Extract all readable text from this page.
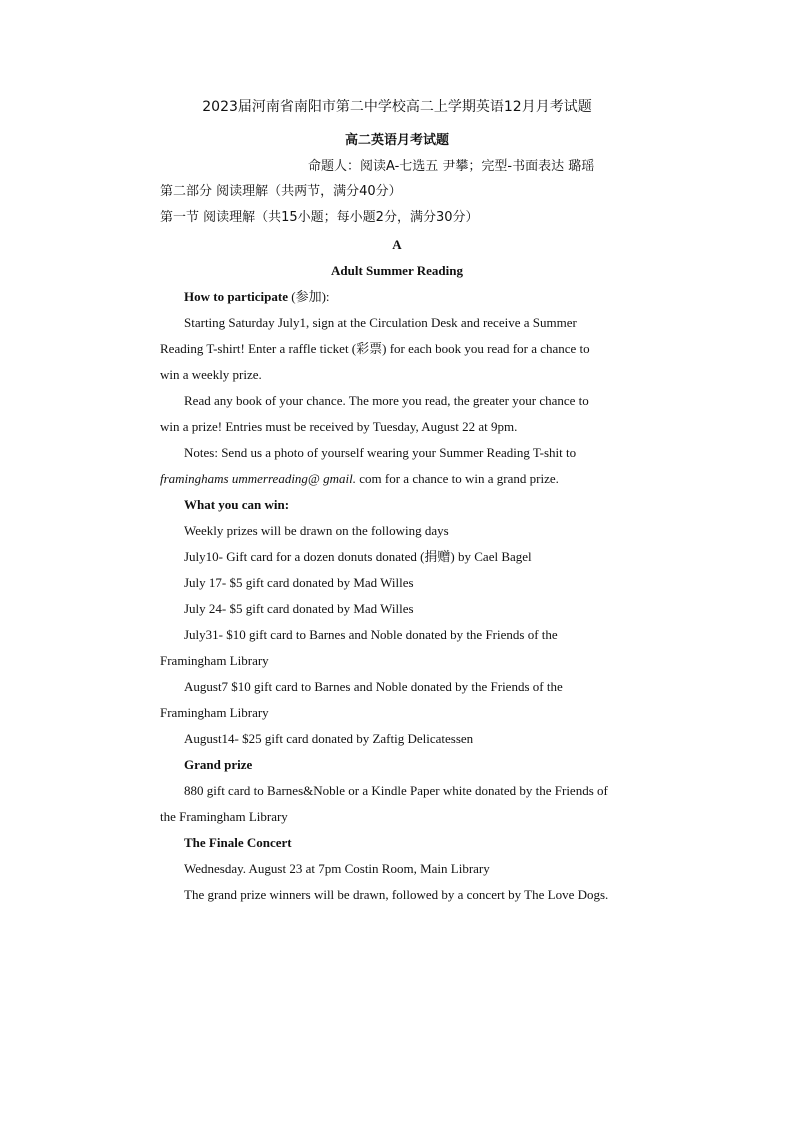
2023届河南省南阳市第二中学校高二上学期英语12月月考试题
高二英语月考试题
命题人：阅读A-七选五 尹攀；完型-书面表达 璐瑶
第二部分 阅读理解（共两节，满分40分）
第一节 阅读理解（共15小题；每小题2分，满分30分）
A
Adult Summer Reading
How to participate (参加):
Starting Saturday July1, sign at the Circulation Desk and receive a Summer
Reading T-shirt! Enter a raffle ticket (彩票) for each book you read for a chance to
win a weekly prize.
Read any book of your chance. The more you read, the greater your chance to
win a prize! Entries must be received by Tuesday, August 22 at 9pm.
Notes: Send us a photo of yourself wearing your Summer Reading T-shit to
framinghams ummerreading@ gmail. com for a chance to win a grand prize.
What you can win:
Weekly prizes will be drawn on the following days
July10- Gift card for a dozen donuts donated (捐赠) by Cael Bagel
July 17- $5 gift card donated by Mad Willes
July 24- $5 gift card donated by Mad Willes
July31- $10 gift card to Barnes and Noble donated by the Friends of the
Framingham Library
August7 $10 gift card to Barnes and Noble donated by the Friends of the
Framingham Library
August14- $25 gift card donated by Zaftig Delicatessen
Grand prize
880 gift card to Barnes&Noble or a Kindle Paper white donated by the Friends of
the Framingham Library
The Finale Concert
Wednesday. August 23 at 7pm Costin Room, Main Library
The grand prize winners will be drawn, followed by a concert by The Love Dogs.
